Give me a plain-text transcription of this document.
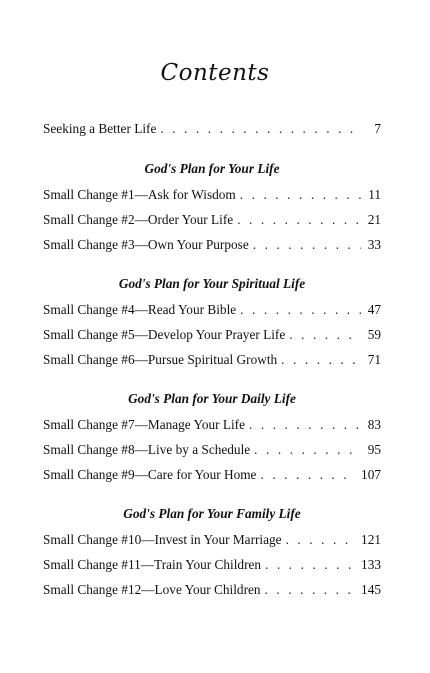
Contents
Seeking a Better Life . . .	7
God's Plan for Your Life
Small Change #1—Ask for Wisdom . . .	11
Small Change #2—Order Your Life . . .	21
Small Change #3—Own Your Purpose . . .	33
God's Plan for Your Spiritual Life
Small Change #4—Read Your Bible . . .	47
Small Change #5—Develop Your Prayer Life . . .	59
Small Change #6—Pursue Spiritual Growth . . .	71
God's Plan for Your Daily Life
Small Change #7—Manage Your Life . . .	83
Small Change #8—Live by a Schedule . . .	95
Small Change #9—Care for Your Home . . .	107
God's Plan for Your Family Life
Small Change #10—Invest in Your Marriage . . .	121
Small Change #11—Train Your Children . . .	133
Small Change #12—Love Your Children . . .	145
